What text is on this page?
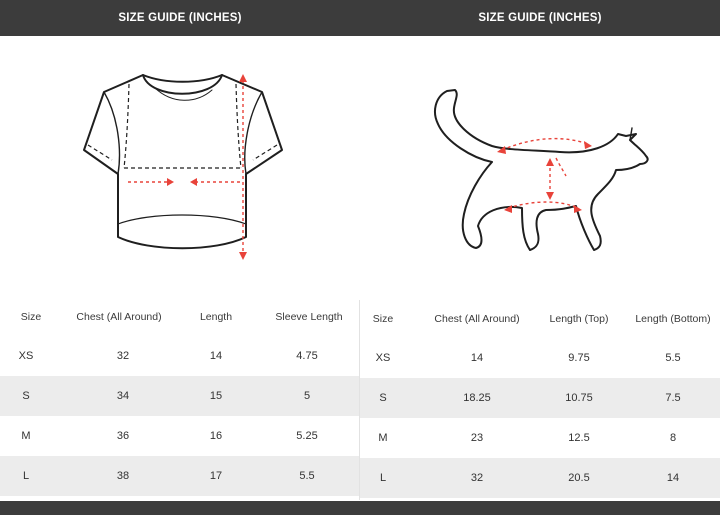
SIZE GUIDE (INCHES)
Size	Chest (All Around)	Length	Sleeve Length
XS	32	14	4.75
S	34	15	5
M	36	16	5.25
L	38	17	5.5
SIZE GUIDE (INCHES)
Size	Chest (All Around)	Length (Top)	Length (Bottom)
XS	14	9.75	5.5
S	18.25	10.75	7.5
M	23	12.5	8
L	32	20.5	14
